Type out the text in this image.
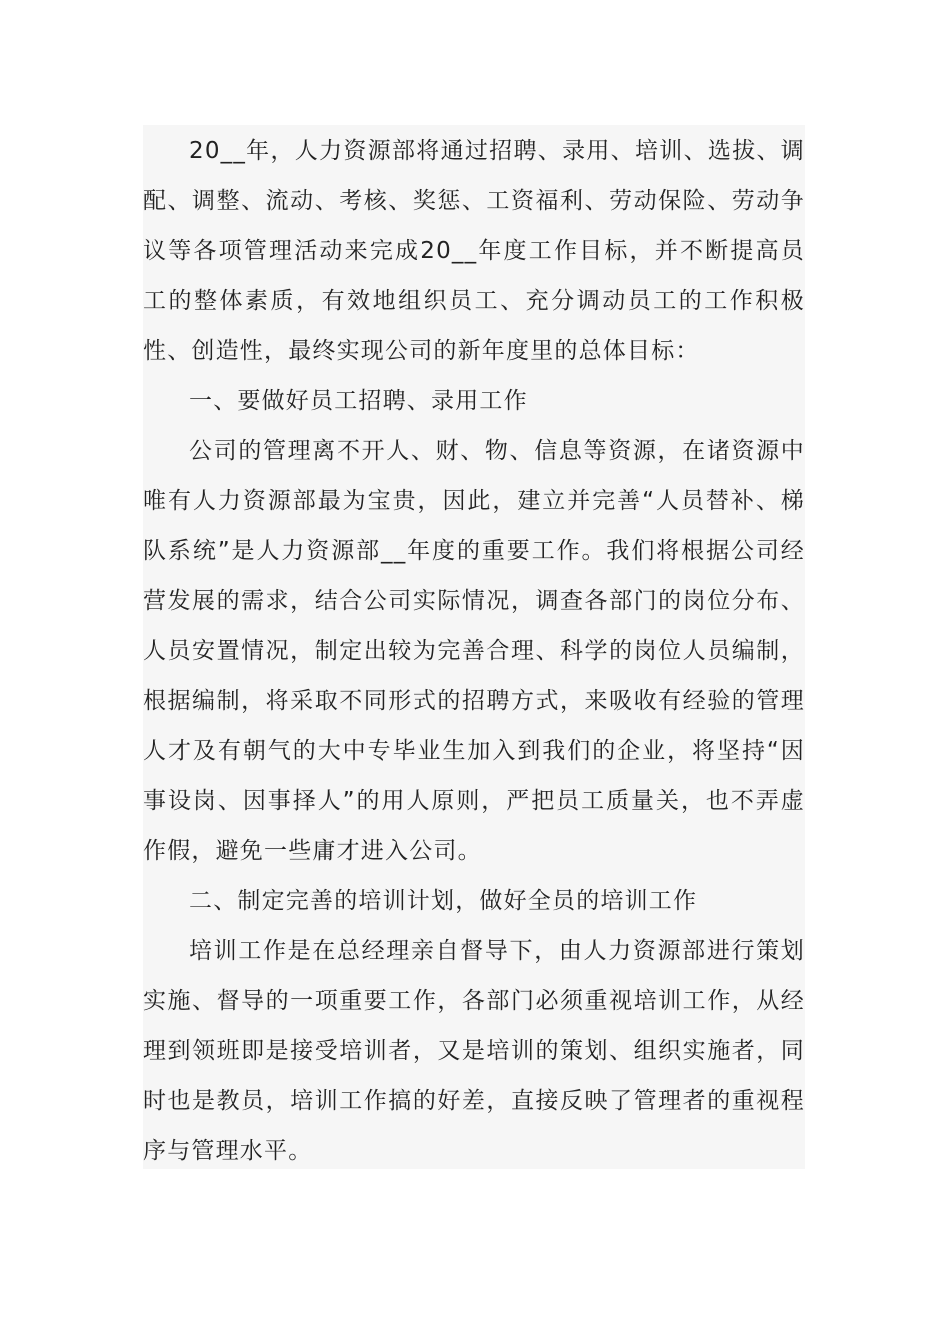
20__年，人力资源部将通过招聘、录用、培训、选拔、调配、调整、流动、考核、奖惩、工资福利、劳动保险、劳动争议等各项管理活动来完成20__年度工作目标，并不断提高员工的整体素质，有效地组织员工、充分调动员工的工作积极性、创造性，最终实现公司的新年度里的总体目标：

一、要做好员工招聘、录用工作

公司的管理离不开人、财、物、信息等资源，在诸资源中唯有人力资源部最为宝贵，因此，建立并完善“人员替补、梯队系统”是人力资源部__年度的重要工作。我们将根据公司经营发展的需求，结合公司实际情况，调查各部门的岗位分布、人员安置情况，制定出较为完善合理、科学的岗位人员编制，根据编制，将采取不同形式的招聘方式，来吸收有经验的管理人才及有朝气的大中专毕业生加入到我们的企业，将坚持“因事设岗、因事择人”的用人原则，严把员工质量关，也不弄虚作假，避免一些庸才进入公司。

二、制定完善的培训计划，做好全员的培训工作

培训工作是在总经理亲自督导下，由人力资源部进行策划实施、督导的一项重要工作，各部门必须重视培训工作，从经理到领班即是接受培训者，又是培训的策划、组织实施者，同时也是教员，培训工作搞的好差，直接反映了管理者的重视程序与管理水平。
